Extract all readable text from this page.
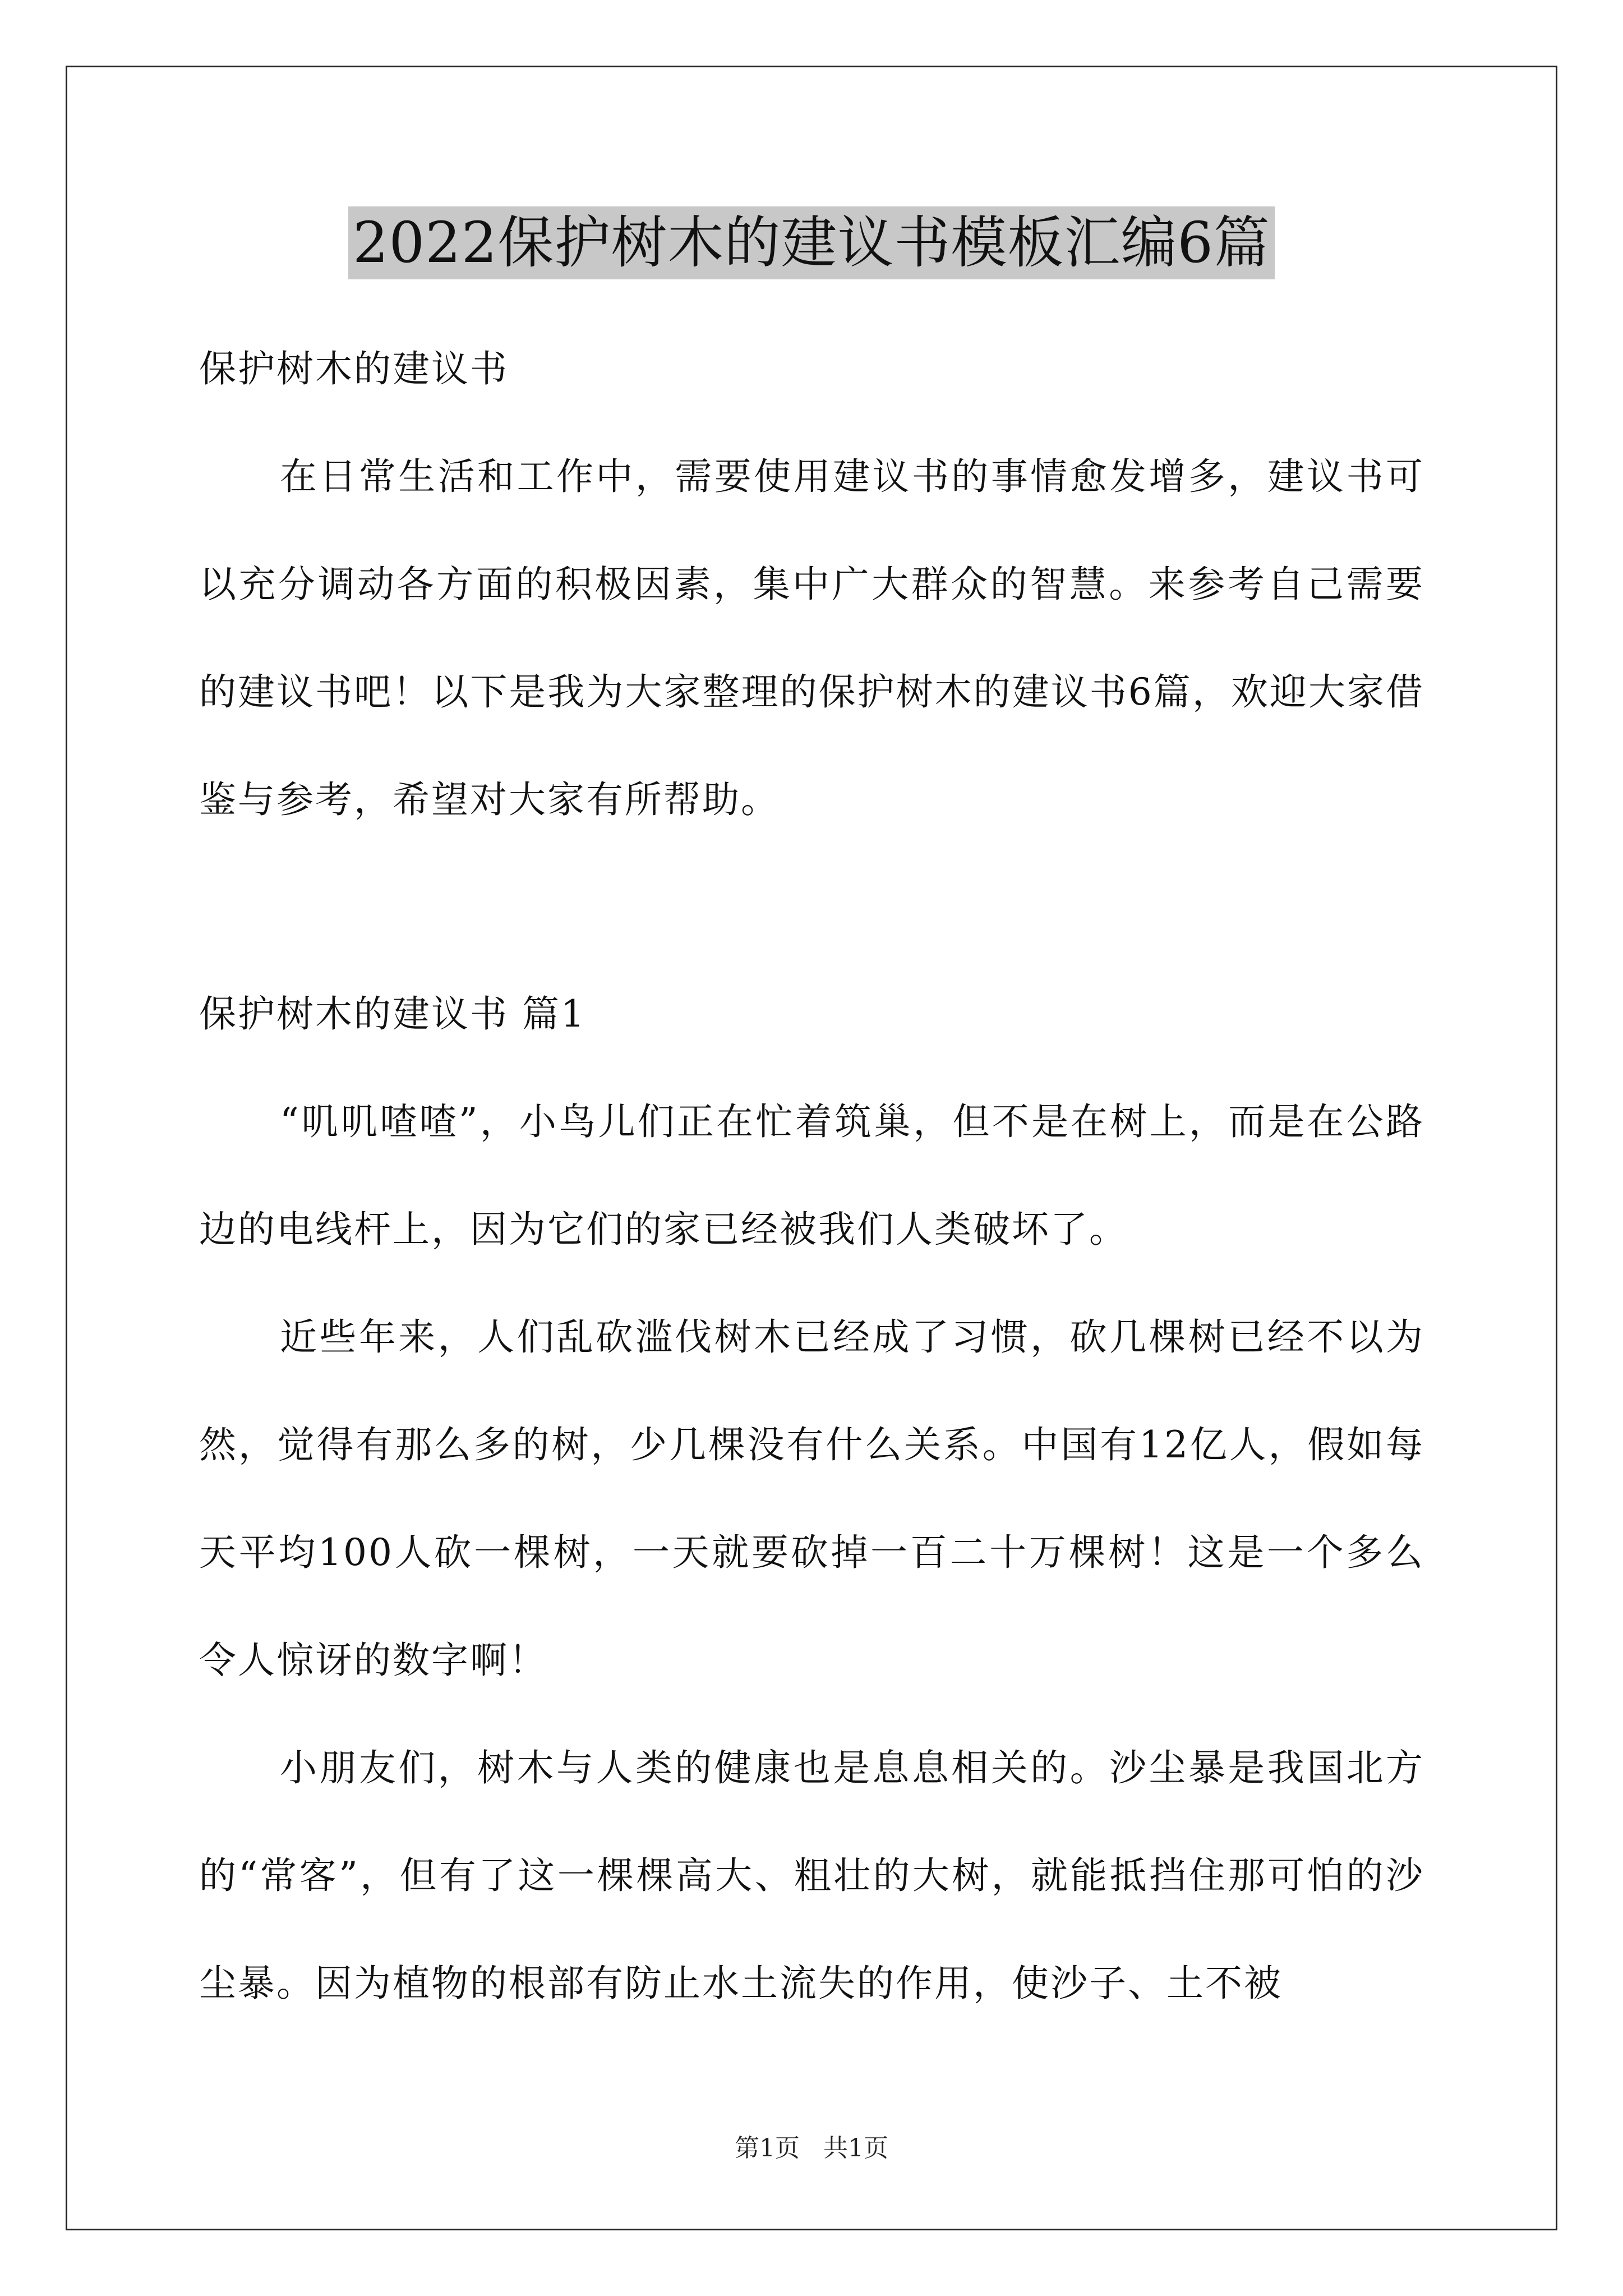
2022保护树木的建议书模板汇编6篇

保护树木的建议书

在日常生活和工作中，需要使用建议书的事情愈发增多，建议书可以充分调动各方面的积极因素，集中广大群众的智慧。来参考自己需要的建议书吧！以下是我为大家整理的保护树木的建议书6篇，欢迎大家借鉴与参考，希望对大家有所帮助。

保护树木的建议书 篇1

“叽叽喳喳”，小鸟儿们正在忙着筑巢，但不是在树上，而是在公路边的电线杆上，因为它们的家已经被我们人类破坏了。

近些年来，人们乱砍滥伐树木已经成了习惯，砍几棵树已经不以为然，觉得有那么多的树，少几棵没有什么关系。中国有12亿人，假如每天平均100人砍一棵树，一天就要砍掉一百二十万棵树！这是一个多么令人惊讶的数字啊！

小朋友们，树木与人类的健康也是息息相关的。沙尘暴是我国北方的“常客”，但有了这一棵棵高大、粗壮的大树，就能抵挡住那可怕的沙尘暴。因为植物的根部有防止水土流失的作用，使沙子、土不被

第1页   共1页
